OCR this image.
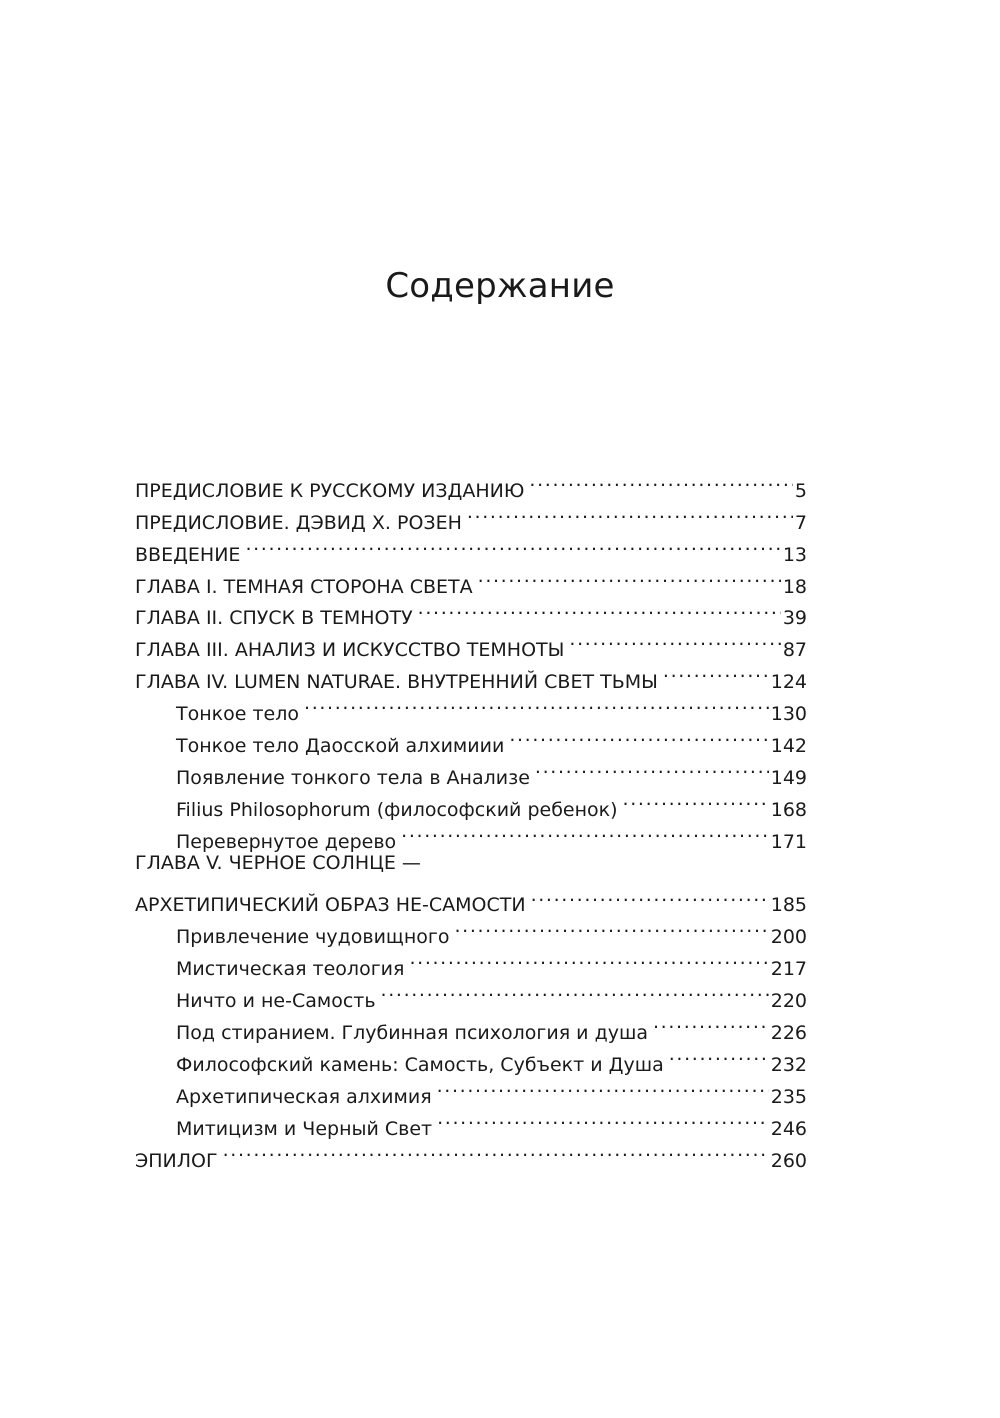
Содержание
ПРЕДИСЛОВИЕ К РУССКОМУ ИЗДАНИЮ . . .	5
ПРЕДИСЛОВИЕ. ДЭВИД Х. РОЗЕН . . .	7
ВВЕДЕНИЕ . . .	13
ГЛАВА I. ТЕМНАЯ СТОРОНА СВЕТА . . .	18
ГЛАВА II. СПУСК В ТЕМНОТУ . . .	39
ГЛАВА III. АНАЛИЗ И ИСКУССТВО ТЕМНОТЫ . . .	87
ГЛАВА IV. LUMEN NATURAE. ВНУТРЕННИЙ СВЕТ ТЬМЫ . . .	124
Тонкое тело . . .	130
Тонкое тело Даосской алхимиии . . .	142
Появление тонкого тела в Анализе . . .	149
Filius Philosophorum (философский ребенок) . . .	168
Перевернутое дерево . . .	171
ГЛАВА V. ЧЕРНОЕ СОЛНЦЕ —
АРХЕТИПИЧЕСКИЙ ОБРАЗ НЕ-САМОСТИ . . .	185
Привлечение чудовищного . . .	200
Мистическая теология . . .	217
Ничто и не-Самость . . .	220
Под стиранием. Глубинная психология и душа . . .	226
Философский камень: Самость, Субъект и Душа . . .	232
Архетипическая алхимия . . .	235
Митицизм и Черный Свет . . .	246
ЭПИЛОГ . . .	260
